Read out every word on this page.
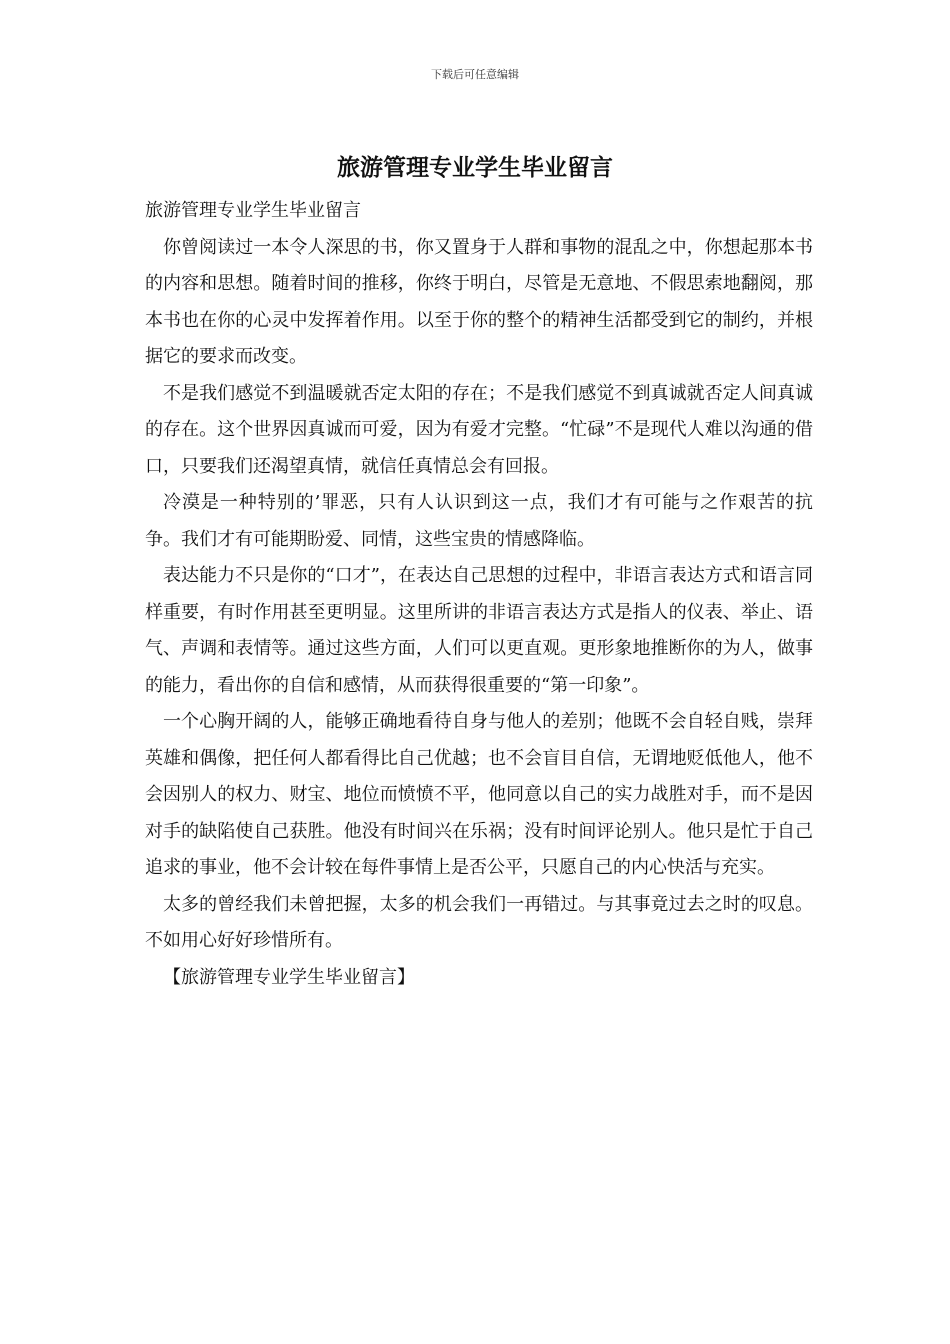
下载后可任意编辑
旅游管理专业学生毕业留言

旅游管理专业学生毕业留言

你曾阅读过一本令人深思的书，你又置身于人群和事物的混乱之中，你想起那本书的内容和思想。随着时间的推移，你终于明白，尽管是无意地、不假思索地翻阅，那本书也在你的心灵中发挥着作用。以至于你的整个的精神生活都受到它的制约，并根据它的要求而改变。

不是我们感觉不到温暖就否定太阳的存在；不是我们感觉不到真诚就否定人间真诚的存在。这个世界因真诚而可爱，因为有爱才完整。“忙碌”不是现代人难以沟通的借口，只要我们还渴望真情，就信任真情总会有回报。

冷漠是一种特别的’罪恶，只有人认识到这一点，我们才有可能与之作艰苦的抗争。我们才有可能期盼爱、同情，这些宝贵的情感降临。

表达能力不只是你的“口才”，在表达自己思想的过程中，非语言表达方式和语言同样重要，有时作用甚至更明显。这里所讲的非语言表达方式是指人的仪表、举止、语气、声调和表情等。通过这些方面，人们可以更直观。更形象地推断你的为人，做事的能力，看出你的自信和感情，从而获得很重要的“第一印象”。

一个心胸开阔的人，能够正确地看待自身与他人的差别；他既不会自轻自贱，崇拜英雄和偶像，把任何人都看得比自己优越；也不会盲目自信，无谓地贬低他人，他不会因别人的权力、财宝、地位而愤愤不平，他同意以自己的实力战胜对手，而不是因对手的缺陷使自己获胜。他没有时间兴在乐祸；没有时间评论别人。他只是忙于自己追求的事业，他不会计较在每件事情上是否公平，只愿自己的内心快活与充实。

太多的曾经我们未曾把握，太多的机会我们一再错过。与其事竟过去之时的叹息。不如用心好好珍惜所有。

【旅游管理专业学生毕业留言】
